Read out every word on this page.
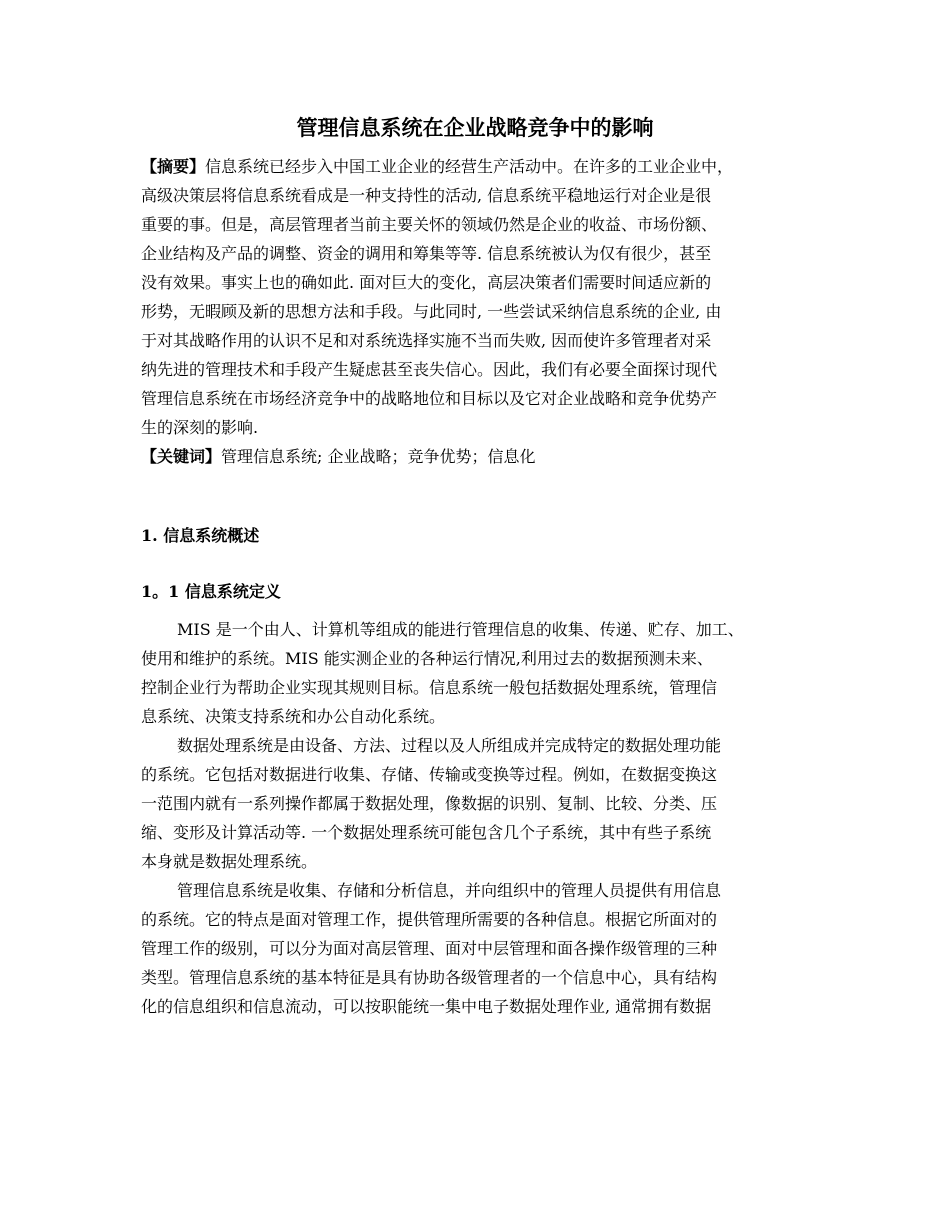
管理信息系统在企业战略竞争中的影响
【摘要】信息系统已经步入中国工业企业的经营生产活动中。在许多的工业企业中，
高级决策层将信息系统看成是一种支持性的活动, 信息系统平稳地运行对企业是很
重要的事。但是，高层管理者当前主要关怀的领域仍然是企业的收益、市场份额、
企业结构及产品的调整、资金的调用和筹集等等. 信息系统被认为仅有很少，甚至
没有效果。事实上也的确如此. 面对巨大的变化，高层决策者们需要时间适应新的
形势，无暇顾及新的思想方法和手段。与此同时, 一些尝试采纳信息系统的企业, 由
于对其战略作用的认识不足和对系统选择实施不当而失败, 因而使许多管理者对采
纳先进的管理技术和手段产生疑虑甚至丧失信心。因此，我们有必要全面探讨现代
管理信息系统在市场经济竞争中的战略地位和目标以及它对企业战略和竞争优势产
生的深刻的影响.
【关键词】管理信息系统; 企业战略；竞争优势；信息化
1. 信息系统概述
1。1 信息系统定义
MIS 是一个由人、计算机等组成的能进行管理信息的收集、传递、贮存、加工、
使用和维护的系统。MIS 能实测企业的各种运行情况,利用过去的数据预测未来、
控制企业行为帮助企业实现其规则目标。信息系统一般包括数据处理系统，管理信
息系统、决策支持系统和办公自动化系统。
数据处理系统是由设备、方法、过程以及人所组成并完成特定的数据处理功能
的系统。它包括对数据进行收集、存储、传输或变换等过程。例如，在数据变换这
一范围内就有一系列操作都属于数据处理，像数据的识别、复制、比较、分类、压
缩、变形及计算活动等. 一个数据处理系统可能包含几个子系统，其中有些子系统
本身就是数据处理系统。
管理信息系统是收集、存储和分析信息，并向组织中的管理人员提供有用信息
的系统。它的特点是面对管理工作，提供管理所需要的各种信息。根据它所面对的
管理工作的级别，可以分为面对高层管理、面对中层管理和面各操作级管理的三种
类型。管理信息系统的基本特征是具有协助各级管理者的一个信息中心，具有结构
化的信息组织和信息流动，可以按职能统一集中电子数据处理作业, 通常拥有数据
